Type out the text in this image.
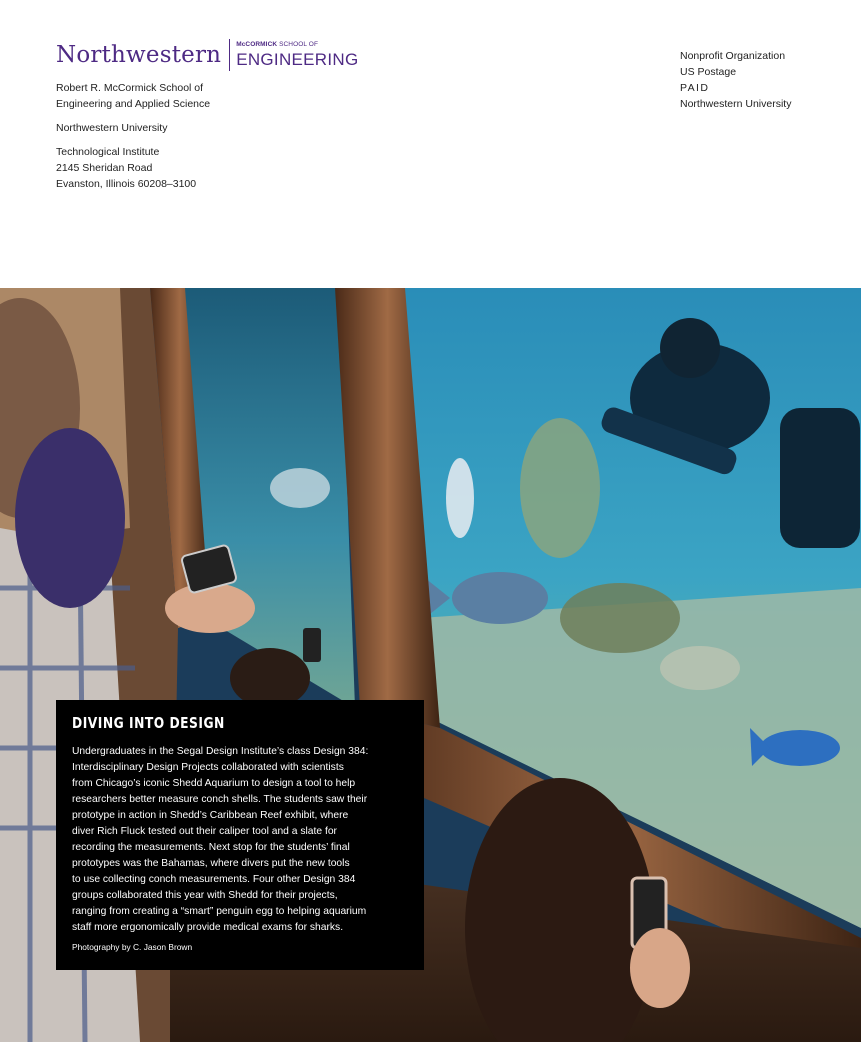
Northwestern McCORMICK SCHOOL OF
ENGINEERING
Robert R. McCormick School of
Engineering and Applied Science
Northwestern University
Technological Institute
2145 Sheridan Road
Evanston, Illinois 60208–3100
Nonprofit Organization
US Postage
PAID
Northwestern University
DIVING INTO DESIGN
Undergraduates in the Segal Design Institute’s class Design 384:
Interdisciplinary Design Projects collaborated with scientists
from Chicago’s iconic Shedd Aquarium to design a tool to help
researchers better measure conch shells. The students saw their
prototype in action in Shedd’s Caribbean Reef exhibit, where
diver Rich Fluck tested out their caliper tool and a slate for
recording the measurements. Next stop for the students’ final
prototypes was the Bahamas, where divers put the new tools
to use collecting conch measurements. Four other Design 384
groups collaborated this year with Shedd for their projects,
ranging from creating a “smart” penguin egg to helping aquarium
staff more ergonomically provide medical exams for sharks.
Photography by C. Jason Brown
